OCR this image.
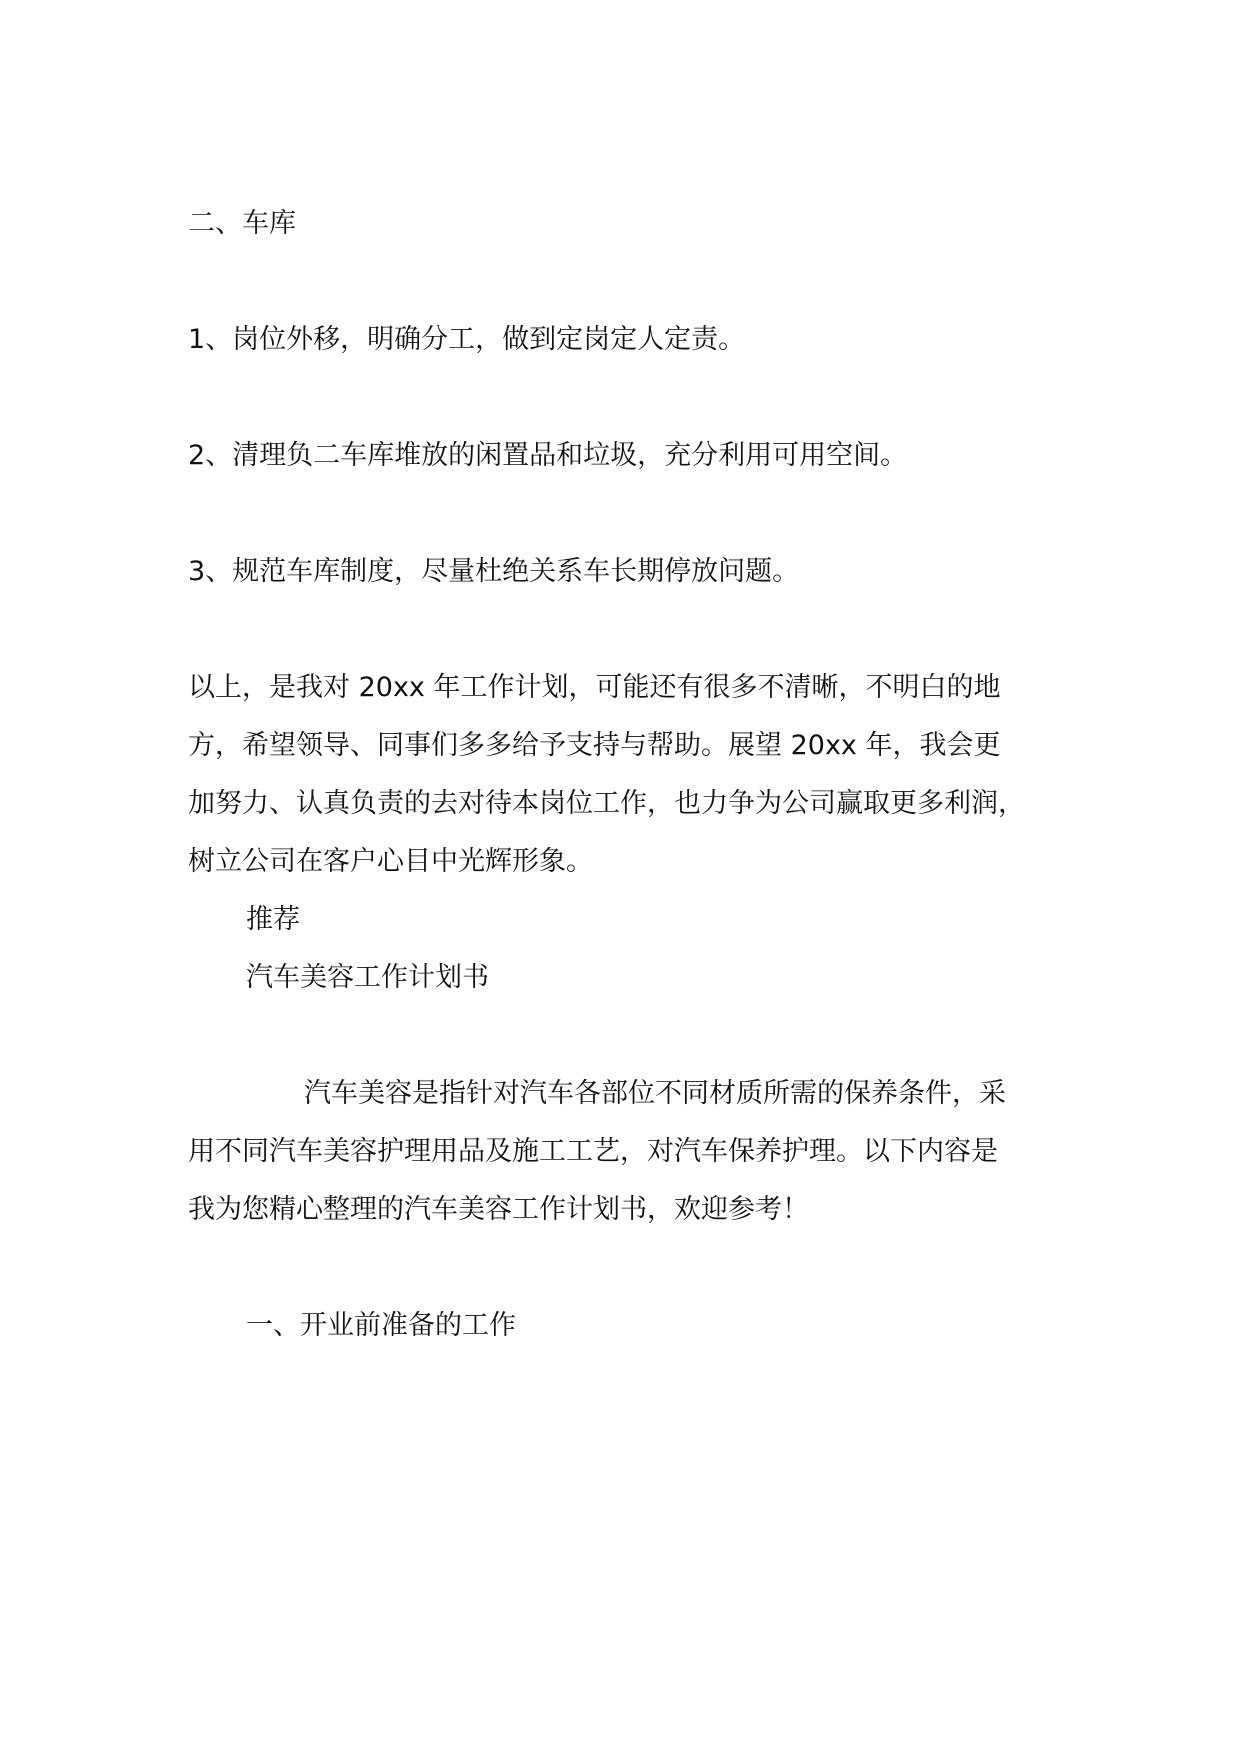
二、车库
1、岗位外移，明确分工，做到定岗定人定责。
2、清理负二车库堆放的闲置品和垃圾，充分利用可用空间。
3、规范车库制度，尽量杜绝关系车长期停放问题。
以上，是我对 20xx 年工作计划，可能还有很多不清晰，不明白的地
方，希望领导、同事们多多给予支持与帮助。展望 20xx 年，我会更
加努力、认真负责的去对待本岗位工作，也力争为公司赢取更多利润，
树立公司在客户心目中光辉形象。
推荐
汽车美容工作计划书
汽车美容是指针对汽车各部位不同材质所需的保养条件，采
用不同汽车美容护理用品及施工工艺，对汽车保养护理。以下内容是
我为您精心整理的汽车美容工作计划书，欢迎参考！
一、开业前准备的工作
